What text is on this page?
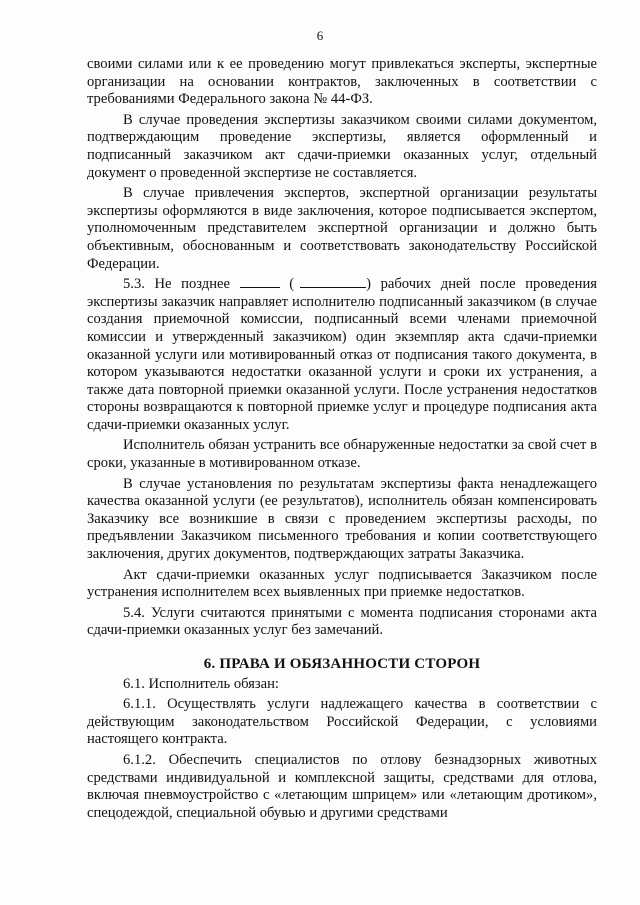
6

своими силами или к ее проведению могут привлекаться эксперты, экспертные организации на основании контрактов, заключенных в соответствии с требованиями Федерального закона № 44-ФЗ.

В случае проведения экспертизы заказчиком своими силами документом, подтверждающим проведение экспертизы, является оформленный и подписанный заказчиком акт сдачи-приемки оказанных услуг, отдельный документ о проведенной экспертизе не составляется.

В случае привлечения экспертов, экспертной организации результаты экспертизы оформляются в виде заключения, которое подписывается экспертом, уполномоченным представителем экспертной организации и должно быть объективным, обоснованным и соответствовать законодательству Российской Федерации.

5.3. Не позднее	(	) рабочих дней после проведения экспертизы заказчик направляет исполнителю подписанный заказчиком (в случае создания приемочной комиссии, подписанный всеми членами приемочной комиссии и утвержденный заказчиком) один экземпляр акта сдачи-приемки оказанной услуги или мотивированный отказ от подписания такого документа, в котором указываются недостатки оказанной услуги и сроки их устранения, а также дата повторной приемки оказанной услуги. После устранения недостатков стороны возвращаются к повторной приемке услуг и процедуре подписания акта сдачи-приемки оказанных услуг.

Исполнитель обязан устранить все обнаруженные недостатки за свой счет в сроки, указанные в мотивированном отказе.

В случае установления по результатам экспертизы факта ненадлежащего качества оказанной услуги (ее результатов), исполнитель обязан компенсировать Заказчику все возникшие в связи с проведением экспертизы расходы, по предъявлении Заказчиком письменного требования и копии соответствующего заключения, других документов, подтверждающих затраты Заказчика.

Акт сдачи-приемки оказанных услуг подписывается Заказчиком после устранения исполнителем всех выявленных при приемке недостатков.

5.4. Услуги считаются принятыми с момента подписания сторонами акта сдачи-приемки оказанных услуг без замечаний.

6. ПРАВА И ОБЯЗАННОСТИ СТОРОН

6.1. Исполнитель обязан:

6.1.1. Осуществлять услуги надлежащего качества в соответствии с действующим законодательством Российской Федерации, с условиями настоящего контракта.

6.1.2. Обеспечить специалистов по отлову безнадзорных животных средствами индивидуальной и комплексной защиты, средствами для отлова, включая пневмоустройство с «летающим шприцем» или «летающим дротиком», спецодеждой, специальной обувью и другими средствами
